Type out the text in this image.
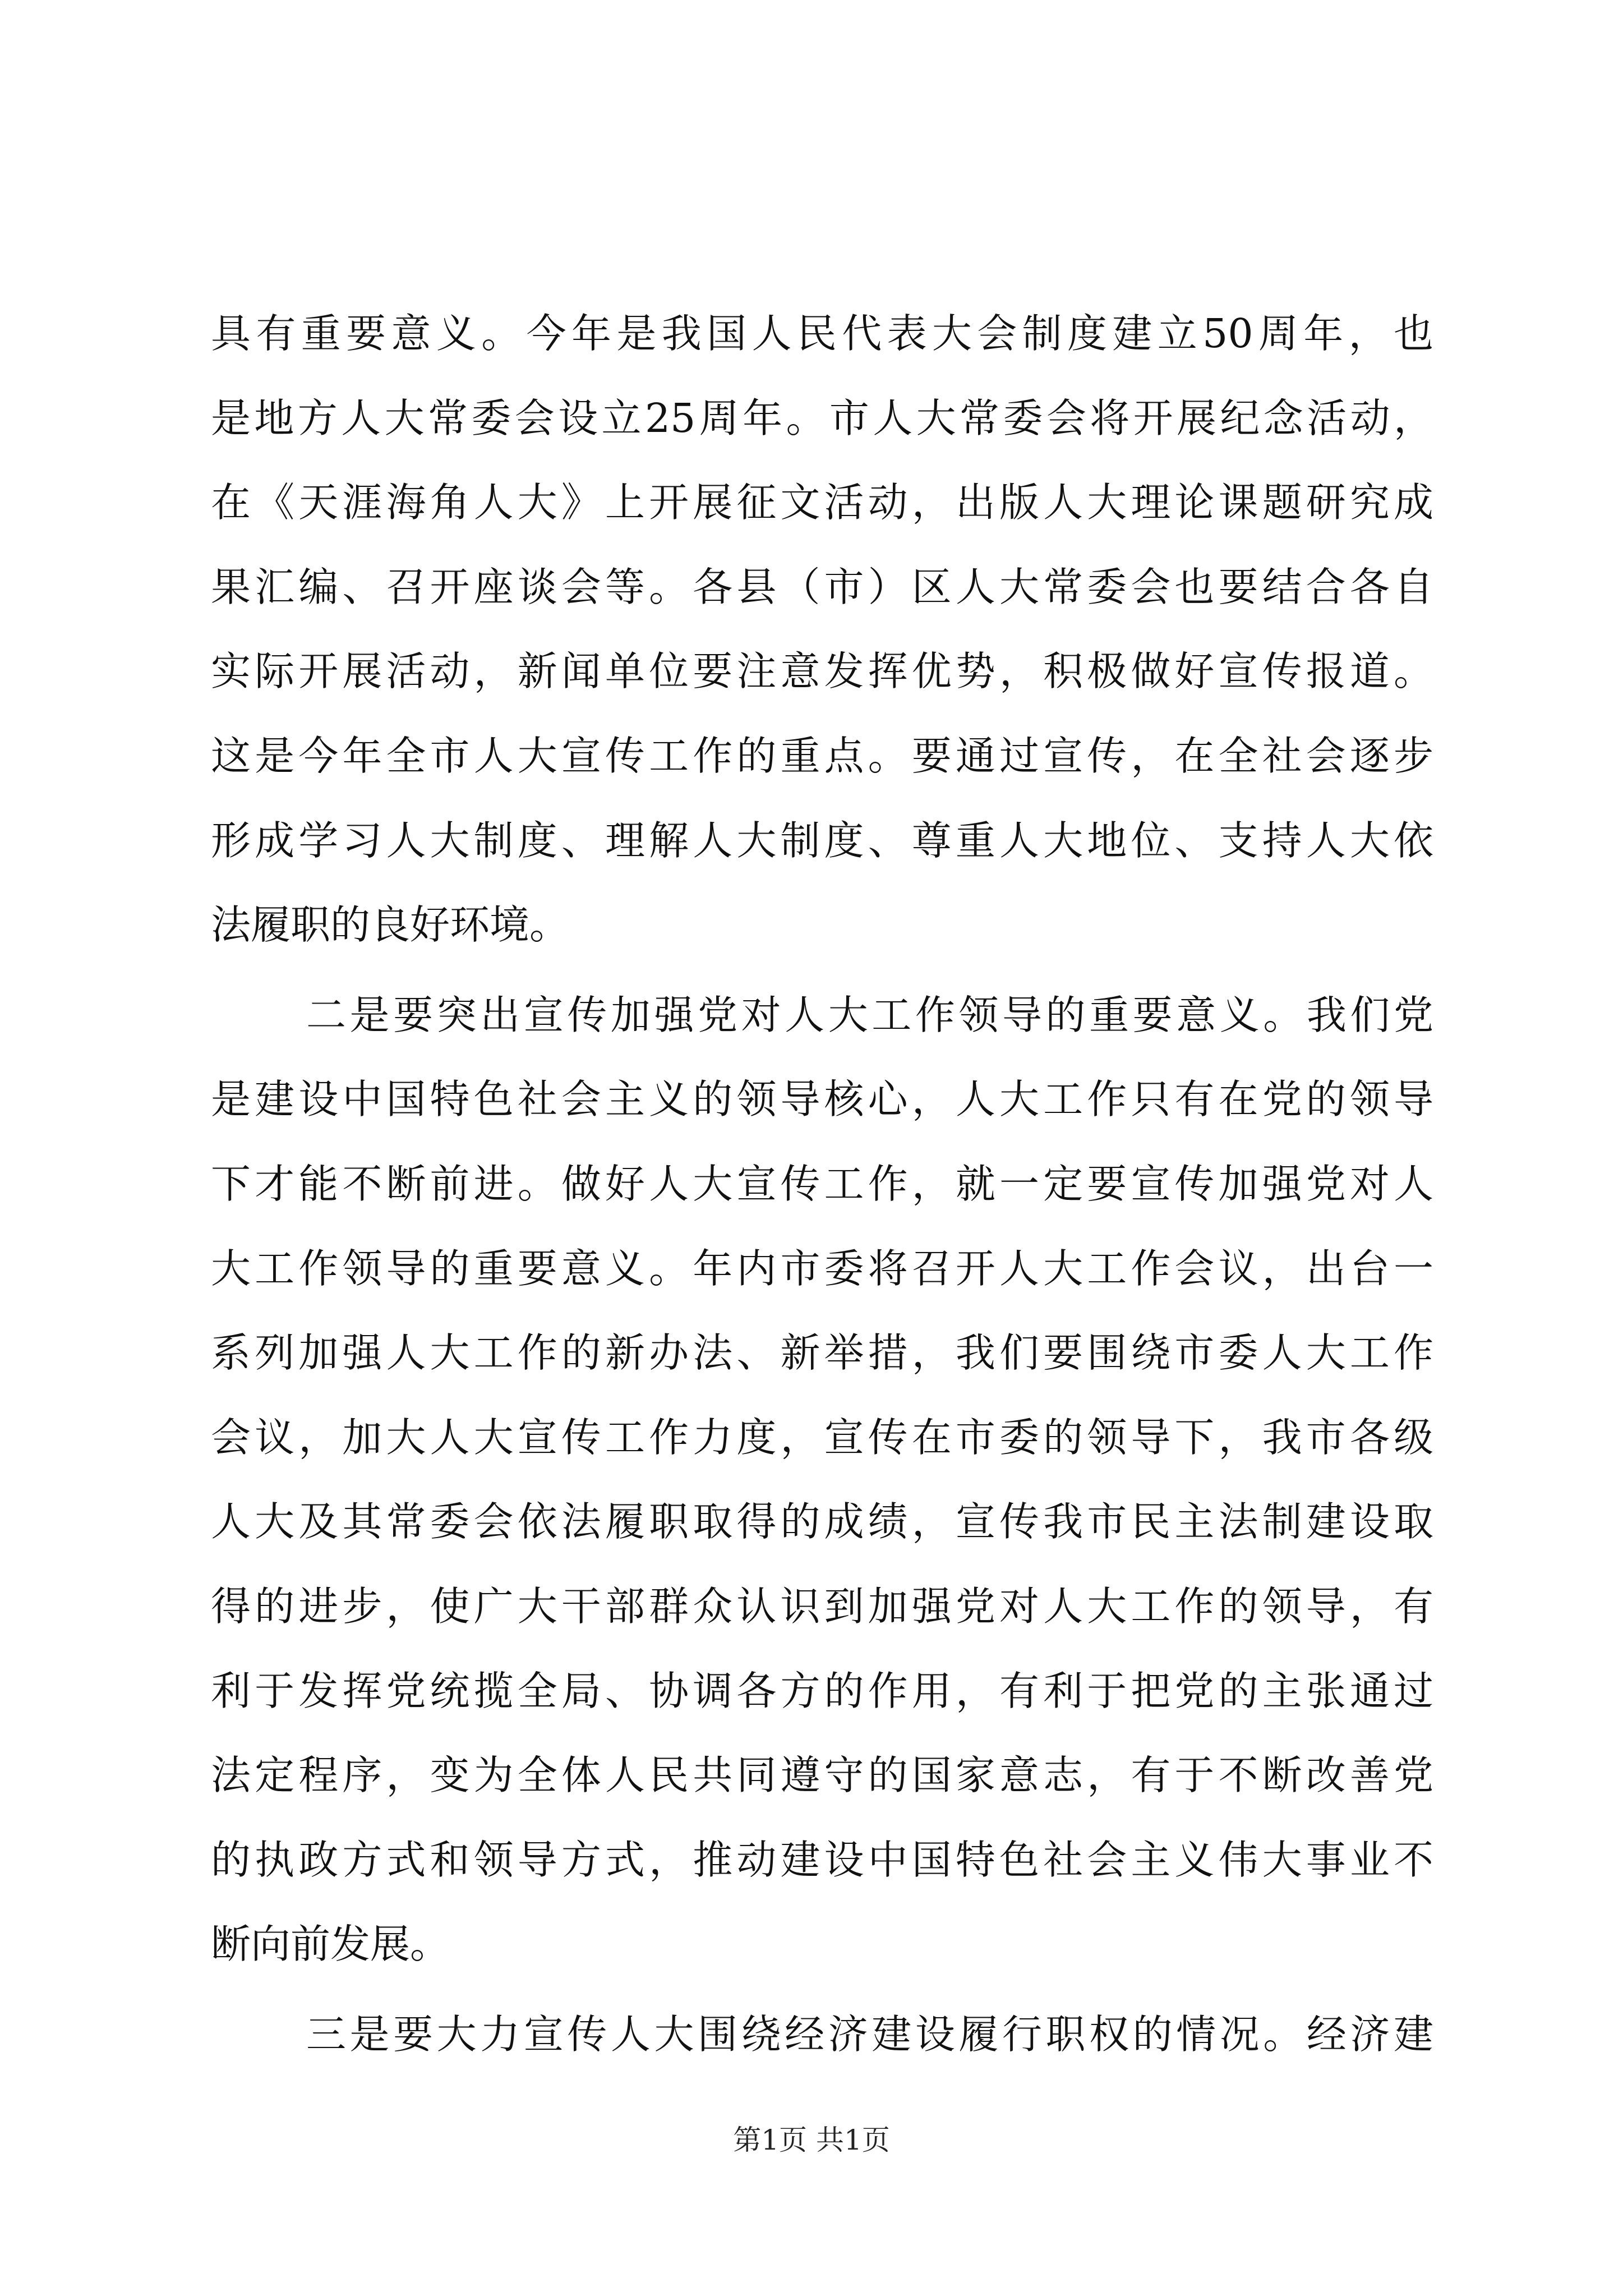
具有重要意义。今年是我国人民代表大会制度建立50周年，也
是地方人大常委会设立25周年。市人大常委会将开展纪念活动，
在《天涯海角人大》上开展征文活动，出版人大理论课题研究成
果汇编、召开座谈会等。各县（市）区人大常委会也要结合各自
实际开展活动，新闻单位要注意发挥优势，积极做好宣传报道。
这是今年全市人大宣传工作的重点。要通过宣传，在全社会逐步
形成学习人大制度、理解人大制度、尊重人大地位、支持人大依
法履职的良好环境。
二是要突出宣传加强党对人大工作领导的重要意义。我们党
是建设中国特色社会主义的领导核心，人大工作只有在党的领导
下才能不断前进。做好人大宣传工作，就一定要宣传加强党对人
大工作领导的重要意义。年内市委将召开人大工作会议，出台一
系列加强人大工作的新办法、新举措，我们要围绕市委人大工作
会议，加大人大宣传工作力度，宣传在市委的领导下，我市各级
人大及其常委会依法履职取得的成绩，宣传我市民主法制建设取
得的进步，使广大干部群众认识到加强党对人大工作的领导，有
利于发挥党统揽全局、协调各方的作用，有利于把党的主张通过
法定程序，变为全体人民共同遵守的国家意志，有于不断改善党
的执政方式和领导方式，推动建设中国特色社会主义伟大事业不
断向前发展。
三是要大力宣传人大围绕经济建设履行职权的情况。经济建
第1页 共1页
